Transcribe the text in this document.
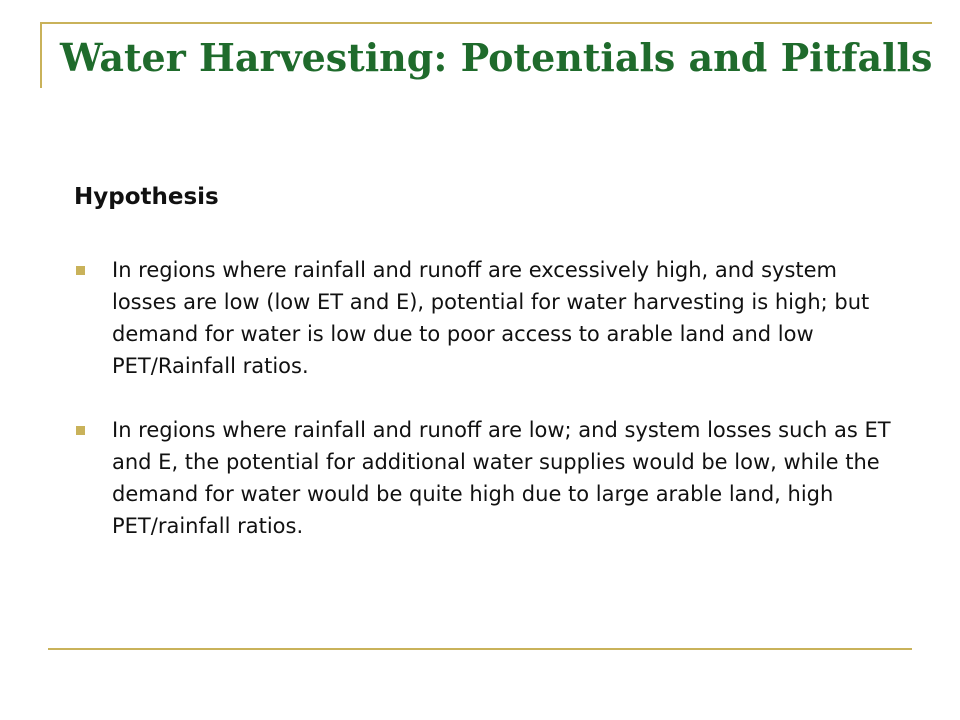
Water Harvesting: Potentials and Pitfalls
Hypothesis
In regions where rainfall and runoff are excessively high, and system losses are low (low ET and E), potential for water harvesting is high; but demand for water is low due to poor access to arable land and low PET/Rainfall ratios.
In regions where rainfall and runoff are low; and system losses such as ET and E, the potential for additional water supplies would be low, while the demand for water would be quite high due to large arable land, high PET/rainfall ratios.
